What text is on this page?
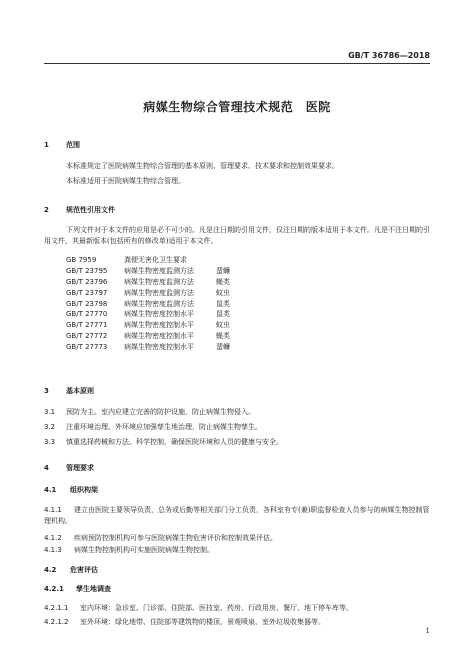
GB/T 36786—2018
病媒生物综合管理技术规范　医院
1 范围
本标准规定了医院病媒生物综合管理的基本原则、管理要求、技术要求和控制效果要求。
本标准适用于医院病媒生物综合管理。
2 规范性引用文件
下列文件对于本文件的应用是必不可少的。凡是注日期的引用文件，仅注日期的版本适用于本文件。凡是不注日期的引用文件，其最新版本(包括所有的修改单)适用于本文件。
GB 7959	粪便无害化卫生要求
GB/T 23795	病媒生物密度监测方法	蜚蠊
GB/T 23796	病媒生物密度监测方法	蝇类
GB/T 23797	病媒生物密度监测方法	蚊虫
GB/T 23798	病媒生物密度监测方法	鼠类
GB/T 27770	病媒生物密度控制水平	鼠类
GB/T 27771	病媒生物密度控制水平	蚊虫
GB/T 27772	病媒生物密度控制水平	蝇类
GB/T 27773	病媒生物密度控制水平	蜚蠊
3 基本原则
3.1 预防为主。室内应建立完善的防护设施，防止病媒生物侵入。
3.2 注重环境治理。外环境应加强孳生地治理，防止病媒生物孳生。
3.3 慎重选择药械和方法。科学控制，确保医院环境和人员的健康与安全。
4 管理要求
4.1 组织构架
4.1.1 建立由医院主要领导负责，总务或后勤等相关部门分工负责，各科室有专(兼)职监督检查人员参与的病媒生物控制管理机构。
4.1.2 疾病预防控制机构可参与医院病媒生物危害评价和控制效果评估。
4.1.3 病媒生物控制机构可实施医院病媒生物控制。
4.2 危害评估
4.2.1 孳生地调查
4.2.1.1 室内环境：急诊室、门诊部、住院部、医技室、药房、行政用房、餐厅、地下停车库等。
4.2.1.2 室外环境：绿化地带、住院部等建筑物的楼顶、景观喷泉、室外垃圾收集器等。
1
